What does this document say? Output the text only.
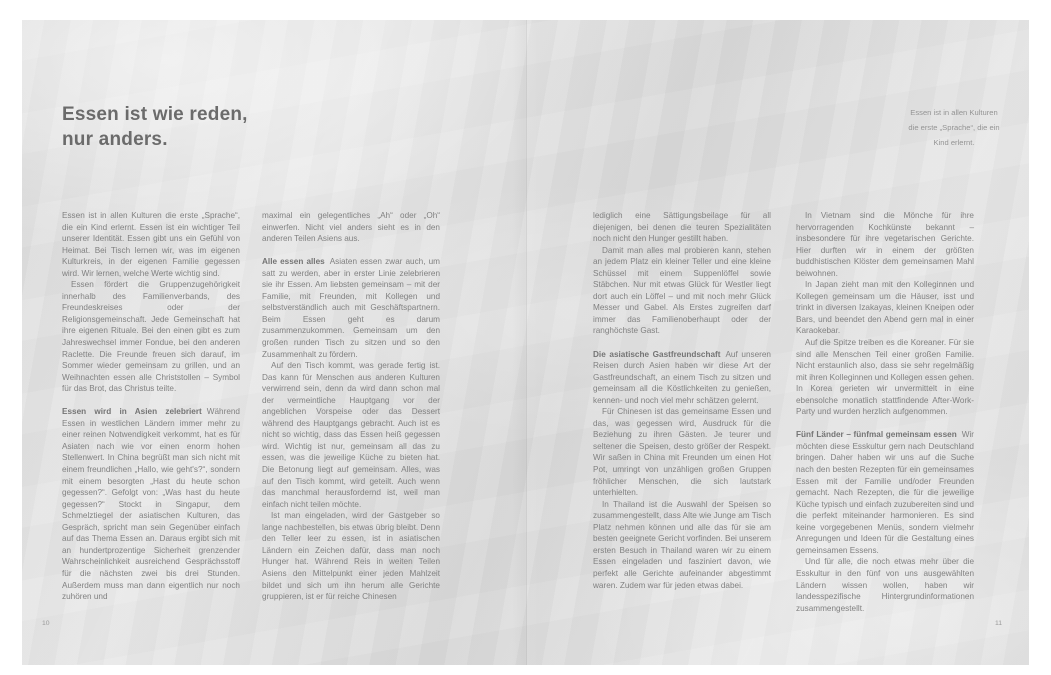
Essen ist wie reden,
nur anders.
Essen ist in allen Kulturen
die erste „Sprache“, die ein
Kind erlernt.

Essen ist in allen Kulturen die erste „Sprache“, die ein Kind erlernt. Essen ist ein wichtiger Teil unserer Identität. Essen gibt uns ein Gefühl von Heimat. Bei Tisch lernen wir, was im eigenen Kulturkreis, in der eigenen Familie gegessen wird. Wir lernen, welche Werte wichtig sind.

Essen fördert die Gruppenzugehörigkeit innerhalb des Familienverbands, des Freundeskreises oder der Religionsgemeinschaft. Jede Gemeinschaft hat ihre eigenen Rituale. Bei den einen gibt es zum Jahreswechsel immer Fondue, bei den anderen Raclette. Die Freunde freuen sich darauf, im Sommer wieder gemeinsam zu grillen, und an Weihnachten essen alle Christstollen – Symbol für das Brot, das Christus teilte.

Essen wird in Asien zelebriert Während Essen in westlichen Ländern immer mehr zu einer reinen Notwendigkeit verkommt, hat es für Asiaten nach wie vor einen enorm hohen Stellenwert. In China begrüßt man sich nicht mit einem freundlichen „Hallo, wie geht's?“, sondern mit einem besorgten „Hast du heute schon gegessen?“. Gefolgt von: „Was hast du heute gegessen?“ Stockt in Singapur, dem Schmelztiegel der asiatischen Kulturen, das Gespräch, spricht man sein Gegenüber einfach auf das Thema Essen an. Daraus ergibt sich mit an hundertprozentige Sicherheit grenzender Wahrscheinlichkeit ausreichend Gesprächsstoff für die nächsten zwei bis drei Stunden. Außerdem muss man dann eigentlich nur noch zuhören und

maximal ein gelegentliches „Ah“ oder „Oh“ einwerfen. Nicht viel anders sieht es in den anderen Teilen Asiens aus.

Alle essen alles Asiaten essen zwar auch, um satt zu werden, aber in erster Linie zelebrieren sie ihr Essen. Am liebsten gemeinsam – mit der Familie, mit Freunden, mit Kollegen und selbstverständlich auch mit Geschäftspartnern. Beim Essen geht es darum zusammenzukommen. Gemeinsam um den großen runden Tisch zu sitzen und so den Zusammenhalt zu fördern.

Auf den Tisch kommt, was gerade fertig ist. Das kann für Menschen aus anderen Kulturen verwirrend sein, denn da wird dann schon mal der vermeintliche Hauptgang vor der angeblichen Vorspeise oder das Dessert während des Hauptgangs gebracht. Auch ist es nicht so wichtig, dass das Essen heiß gegessen wird. Wichtig ist nur, gemeinsam all das zu essen, was die jeweilige Küche zu bieten hat. Die Betonung liegt auf gemeinsam. Alles, was auf den Tisch kommt, wird geteilt. Auch wenn das manchmal herausfordernd ist, weil man einfach nicht teilen möchte.

Ist man eingeladen, wird der Gastgeber so lange nachbestellen, bis etwas übrig bleibt. Denn den Teller leer zu essen, ist in asiatischen Ländern ein Zeichen dafür, dass man noch Hunger hat. Während Reis in weiten Teilen Asiens den Mittelpunkt einer jeden Mahlzeit bildet und sich um ihn herum alle Gerichte gruppieren, ist er für reiche Chinesen

lediglich eine Sättigungsbeilage für all diejenigen, bei denen die teuren Spezialitäten noch nicht den Hunger gestillt haben.

Damit man alles mal probieren kann, stehen an jedem Platz ein kleiner Teller und eine kleine Schüssel mit einem Suppenlöffel sowie Stäbchen. Nur mit etwas Glück für Westler liegt dort auch ein Löffel – und mit noch mehr Glück Messer und Gabel. Als Erstes zugreifen darf immer das Familienoberhaupt oder der ranghöchste Gast.

Die asiatische Gastfreundschaft Auf unseren Reisen durch Asien haben wir diese Art der Gastfreundschaft, an einem Tisch zu sitzen und gemeinsam all die Köstlichkeiten zu genießen, kennen- und noch viel mehr schätzen gelernt.

Für Chinesen ist das gemeinsame Essen und das, was gegessen wird, Ausdruck für die Beziehung zu ihren Gästen. Je teurer und seltener die Speisen, desto größer der Respekt. Wir saßen in China mit Freunden um einen Hot Pot, umringt von unzähligen großen Gruppen fröhlicher Menschen, die sich lautstark unterhielten.

In Thailand ist die Auswahl der Speisen so zusammengestellt, dass Alte wie Junge am Tisch Platz nehmen können und alle das für sie am besten geeignete Gericht vorfinden. Bei unserem ersten Besuch in Thailand waren wir zu einem Essen eingeladen und fasziniert davon, wie perfekt alle Gerichte aufeinander abgestimmt waren. Zudem war für jeden etwas dabei.

In Vietnam sind die Mönche für ihre hervorragenden Kochkünste bekannt – insbesondere für ihre vegetarischen Gerichte. Hier durften wir in einem der größten buddhistischen Klöster dem gemeinsamen Mahl beiwohnen.

In Japan zieht man mit den Kolleginnen und Kollegen gemeinsam um die Häuser, isst und trinkt in diversen Izakayas, kleinen Kneipen oder Bars, und beendet den Abend gern mal in einer Karaokebar.

Auf die Spitze treiben es die Koreaner. Für sie sind alle Menschen Teil einer großen Familie. Nicht erstaunlich also, dass sie sehr regelmäßig mit ihren Kolleginnen und Kollegen essen gehen. In Korea gerieten wir unvermittelt in eine ebensolche monatlich stattfindende After-Work-Party und wurden herzlich aufgenommen.

Fünf Länder – fünfmal gemeinsam essen Wir möchten diese Esskultur gern nach Deutschland bringen. Daher haben wir uns auf die Suche nach den besten Rezepten für ein gemeinsames Essen mit der Familie und/oder Freunden gemacht. Nach Rezepten, die für die jeweilige Küche typisch und einfach zuzubereiten sind und die perfekt miteinander harmonieren. Es sind keine vorgegebenen Menüs, sondern vielmehr Anregungen und Ideen für die Gestaltung eines gemeinsamen Essens.

Und für alle, die noch etwas mehr über die Esskultur in den fünf von uns ausgewählten Ländern wissen wollen, haben wir landesspezifische Hintergrundinformationen zusammengestellt.

10	11
